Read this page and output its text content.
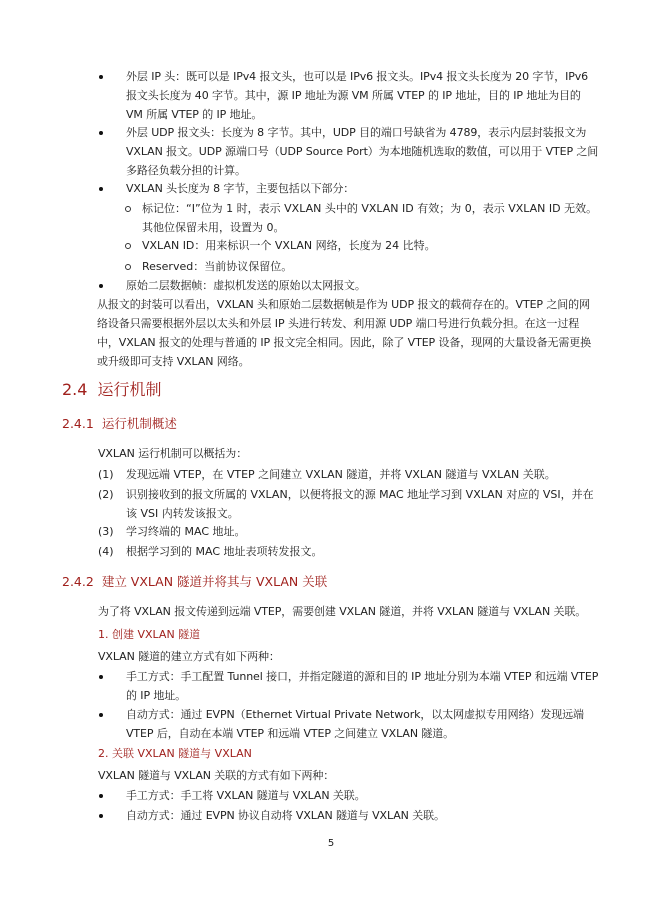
外层 IP 头：既可以是 IPv4 报文头，也可以是 IPv6 报文头。IPv4 报文头长度为 20 字节，IPv6 报文头长度为 40 字节。其中，源 IP 地址为源 VM 所属 VTEP 的 IP 地址，目的 IP 地址为目的 VM 所属 VTEP 的 IP 地址。
外层 UDP 报文头：长度为 8 字节。其中，UDP 目的端口号缺省为 4789，表示内层封装报文为 VXLAN 报文。UDP 源端口号（UDP Source Port）为本地随机选取的数值，可以用于 VTEP 之间多路径负载分担的计算。
VXLAN 头长度为 8 字节，主要包括以下部分：
标记位：“I”位为 1 时，表示 VXLAN 头中的 VXLAN ID 有效；为 0，表示 VXLAN ID 无效。其他位保留未用，设置为 0。
VXLAN ID：用来标识一个 VXLAN 网络，长度为 24 比特。
Reserved：当前协议保留位。
原始二层数据帧：虚拟机发送的原始以太网报文。
从报文的封装可以看出，VXLAN 头和原始二层数据帧是作为 UDP 报文的载荷存在的。VTEP 之间的网络设备只需要根据外层以太头和外层 IP 头进行转发、利用源 UDP 端口号进行负载分担。在这一过程中，VXLAN 报文的处理与普通的 IP 报文完全相同。因此，除了 VTEP 设备，现网的大量设备无需更换或升级即可支持 VXLAN 网络。
2.4 运行机制
2.4.1 运行机制概述
VXLAN 运行机制可以概括为：
(1) 发现远端 VTEP，在 VTEP 之间建立 VXLAN 隧道，并将 VXLAN 隧道与 VXLAN 关联。
(2) 识别接收到的报文所属的 VXLAN，以便将报文的源 MAC 地址学习到 VXLAN 对应的 VSI，并在该 VSI 内转发该报文。
(3) 学习终端的 MAC 地址。
(4) 根据学习到的 MAC 地址表项转发报文。
2.4.2 建立 VXLAN 隧道并将其与 VXLAN 关联
为了将 VXLAN 报文传递到远端 VTEP，需要创建 VXLAN 隧道，并将 VXLAN 隧道与 VXLAN 关联。
1. 创建 VXLAN 隧道
VXLAN 隧道的建立方式有如下两种：
手工方式：手工配置 Tunnel 接口，并指定隧道的源和目的 IP 地址分别为本端 VTEP 和远端 VTEP 的 IP 地址。
自动方式：通过 EVPN（Ethernet Virtual Private Network，以太网虚拟专用网络）发现远端 VTEP 后，自动在本端 VTEP 和远端 VTEP 之间建立 VXLAN 隧道。
2. 关联 VXLAN 隧道与 VXLAN
VXLAN 隧道与 VXLAN 关联的方式有如下两种：
手工方式：手工将 VXLAN 隧道与 VXLAN 关联。
自动方式：通过 EVPN 协议自动将 VXLAN 隧道与 VXLAN 关联。
5
